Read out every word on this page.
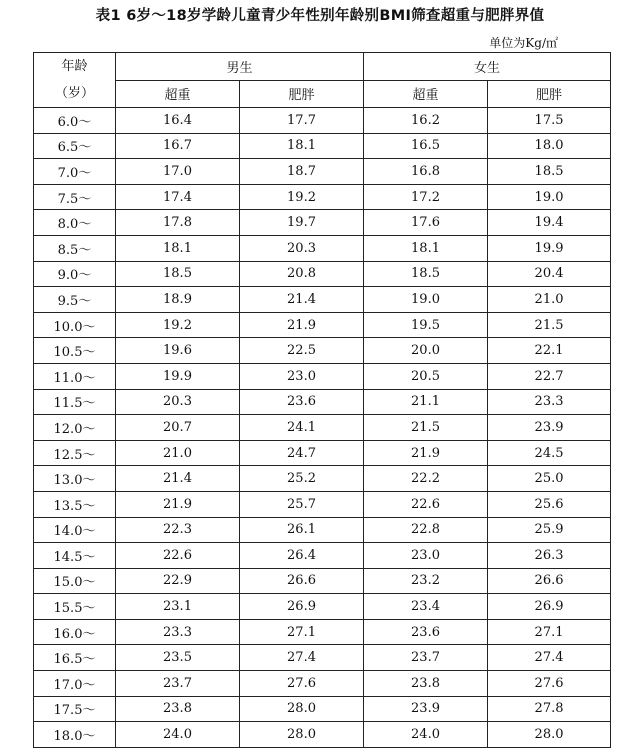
表1 6岁～18岁学龄儿童青少年性别年龄别BMI筛查超重与肥胖界值
单位为Kg/㎡
年龄
（岁）	男生		女生	
	超重	肥胖	超重	肥胖
6.0～	16.4	17.7	16.2	17.5
6.5～	16.7	18.1	16.5	18.0
7.0～	17.0	18.7	16.8	18.5
7.5～	17.4	19.2	17.2	19.0
8.0～	17.8	19.7	17.6	19.4
8.5～	18.1	20.3	18.1	19.9
9.0～	18.5	20.8	18.5	20.4
9.5～	18.9	21.4	19.0	21.0
10.0～	19.2	21.9	19.5	21.5
10.5～	19.6	22.5	20.0	22.1
11.0～	19.9	23.0	20.5	22.7
11.5～	20.3	23.6	21.1	23.3
12.0～	20.7	24.1	21.5	23.9
12.5～	21.0	24.7	21.9	24.5
13.0～	21.4	25.2	22.2	25.0
13.5～	21.9	25.7	22.6	25.6
14.0～	22.3	26.1	22.8	25.9
14.5～	22.6	26.4	23.0	26.3
15.0～	22.9	26.6	23.2	26.6
15.5～	23.1	26.9	23.4	26.9
16.0～	23.3	27.1	23.6	27.1
16.5～	23.5	27.4	23.7	27.4
17.0～	23.7	27.6	23.8	27.6
17.5～	23.8	28.0	23.9	27.8
18.0～	24.0	28.0	24.0	28.0
